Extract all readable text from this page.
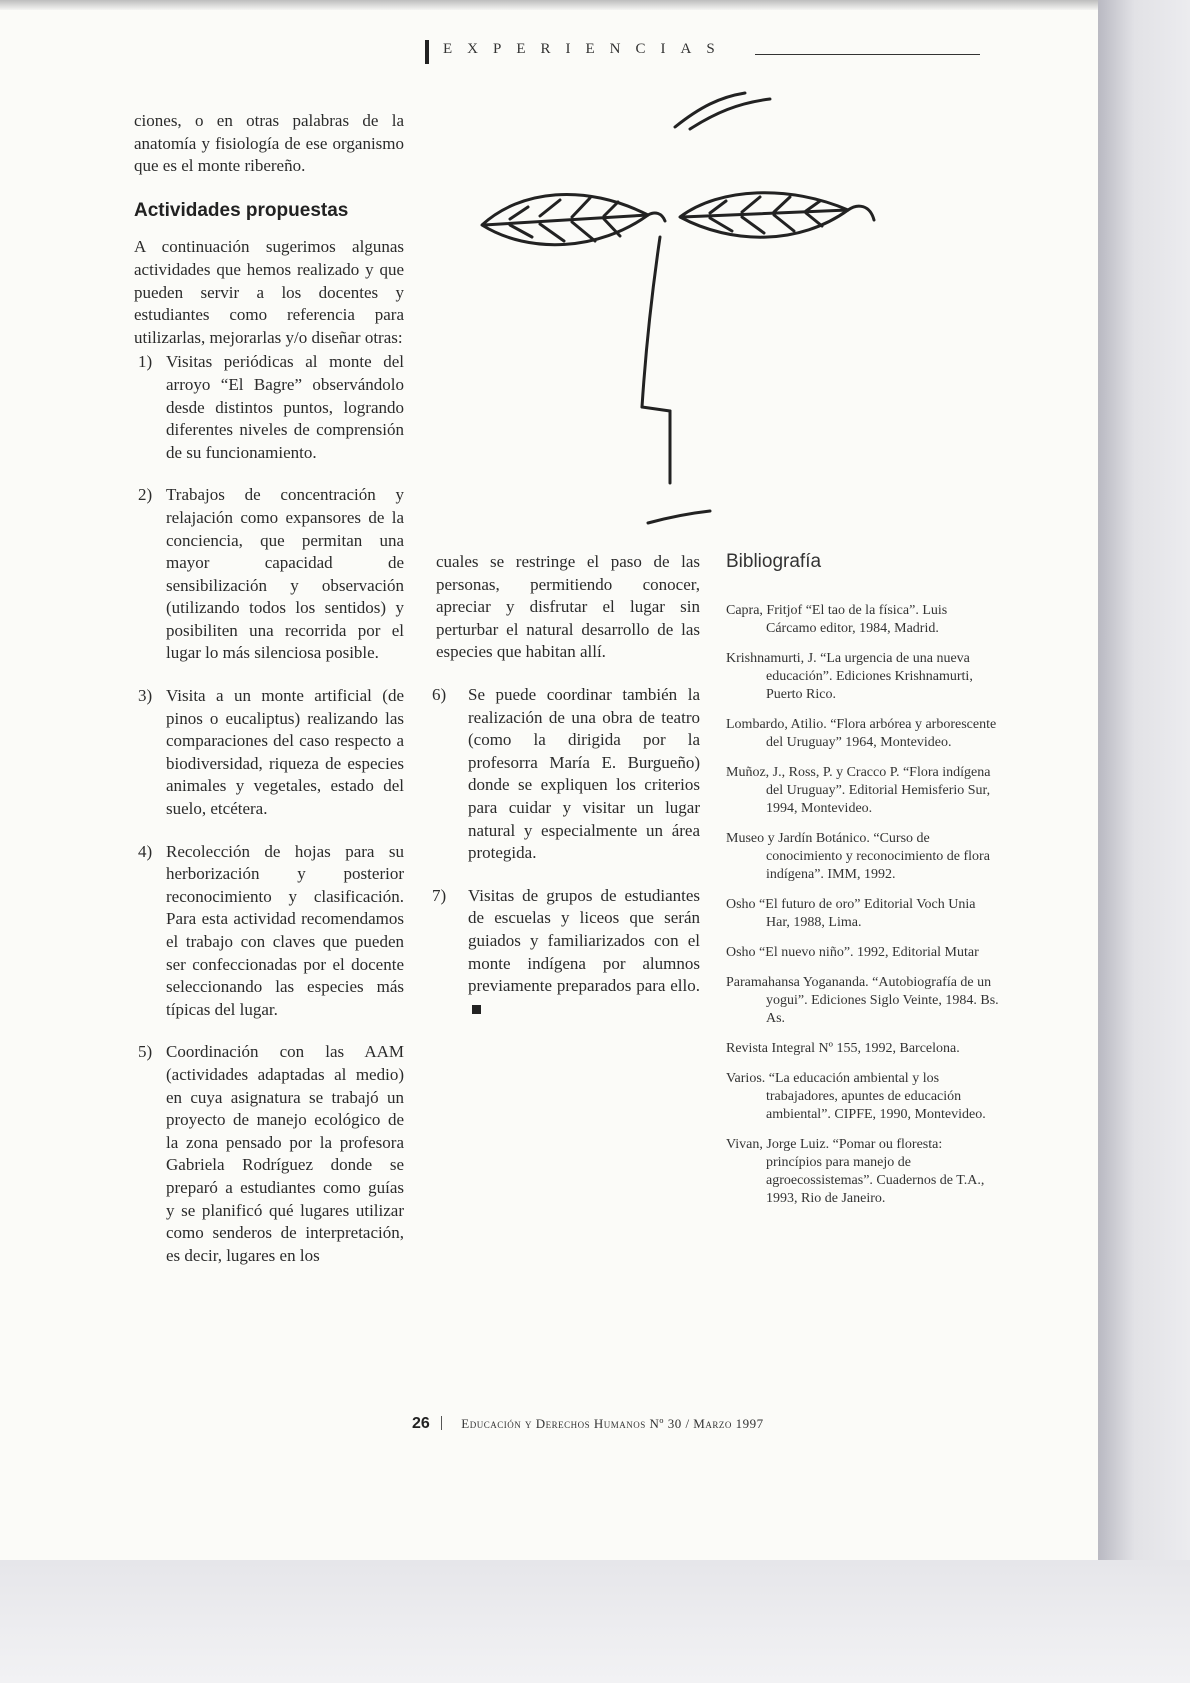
EXPERIENCIAS

ciones, o en otras palabras de la anatomía y fisiología de ese organismo que es el monte ribereño.

Actividades propuestas

A continuación sugerimos algunas actividades que hemos realizado y que pueden servir a los docentes y estudiantes como referencia para utilizarlas, mejorarlas y/o diseñar otras:

1) Visitas periódicas al monte del arroyo “El Bagre” observándolo desde distintos puntos, logrando diferentes niveles de comprensión de su funcionamiento.

2) Trabajos de concentración y relajación como expansores de la conciencia, que permitan una mayor capacidad de sensibilización y observación (utilizando todos los sentidos) y posibiliten una recorrida por el lugar lo más silenciosa posible.

3) Visita a un monte artificial (de pinos o eucaliptus) realizando las comparaciones del caso respecto a biodiversidad, riqueza de especies animales y vegetales, estado del suelo, etcétera.

4) Recolección de hojas para su herborización y posterior reconocimiento y clasificación. Para esta actividad recomendamos el trabajo con claves que pueden ser confeccionadas por el docente seleccionando las especies más típicas del lugar.

5) Coordinación con las AAM (actividades adaptadas al medio) en cuya asignatura se trabajó un proyecto de manejo ecológico de la zona pensado por la profesora Gabriela Rodríguez donde se preparó a estudiantes como guías y se planificó qué lugares utilizar como senderos de interpretación, es decir, lugares en los

cuales se restringe el paso de las personas, permitiendo conocer, apreciar y disfrutar el lugar sin perturbar el natural desarrollo de las especies que habitan allí.

6) Se puede coordinar también la realización de una obra de teatro (como la dirigida por la profesorra María E. Burgueño) donde se expliquen los criterios para cuidar y visitar un lugar natural y especialmente un área protegida.

7) Visitas de grupos de estudiantes de escuelas y liceos que serán guiados y familiarizados con el monte indígena por alumnos previamente preparados para ello.

Bibliografía

Capra, Fritjof “El tao de la física”. Luis Cárcamo editor, 1984, Madrid.

Krishnamurti, J. “La urgencia de una nueva educación”. Ediciones Krishnamurti, Puerto Rico.

Lombardo, Atilio. “Flora arbórea y arborescente del Uruguay” 1964, Montevideo.

Muñoz, J., Ross, P. y Cracco P. “Flora indígena del Uruguay”. Editorial Hemisferio Sur, 1994, Montevideo.

Museo y Jardín Botánico. “Curso de conocimiento y reconocimiento de flora indígena”. IMM, 1992.

Osho “El futuro de oro” Editorial Voch Unia Har, 1988, Lima.

Osho “El nuevo niño”. 1992, Editorial Mutar

Paramahansa Yogananda. “Autobiografía de un yogui”. Ediciones Siglo Veinte, 1984. Bs. As.

Revista Integral Nº 155, 1992, Barcelona.

Varios. “La educación ambiental y los trabajadores, apuntes de educación ambiental”. CIPFE, 1990, Montevideo.

Vivan, Jorge Luiz. “Pomar ou floresta: princípios para manejo de agroecossistemas”. Cuadernos de T.A., 1993, Rio de Janeiro.

26 Educación y Derechos Humanos Nº 30 / Marzo 1997
